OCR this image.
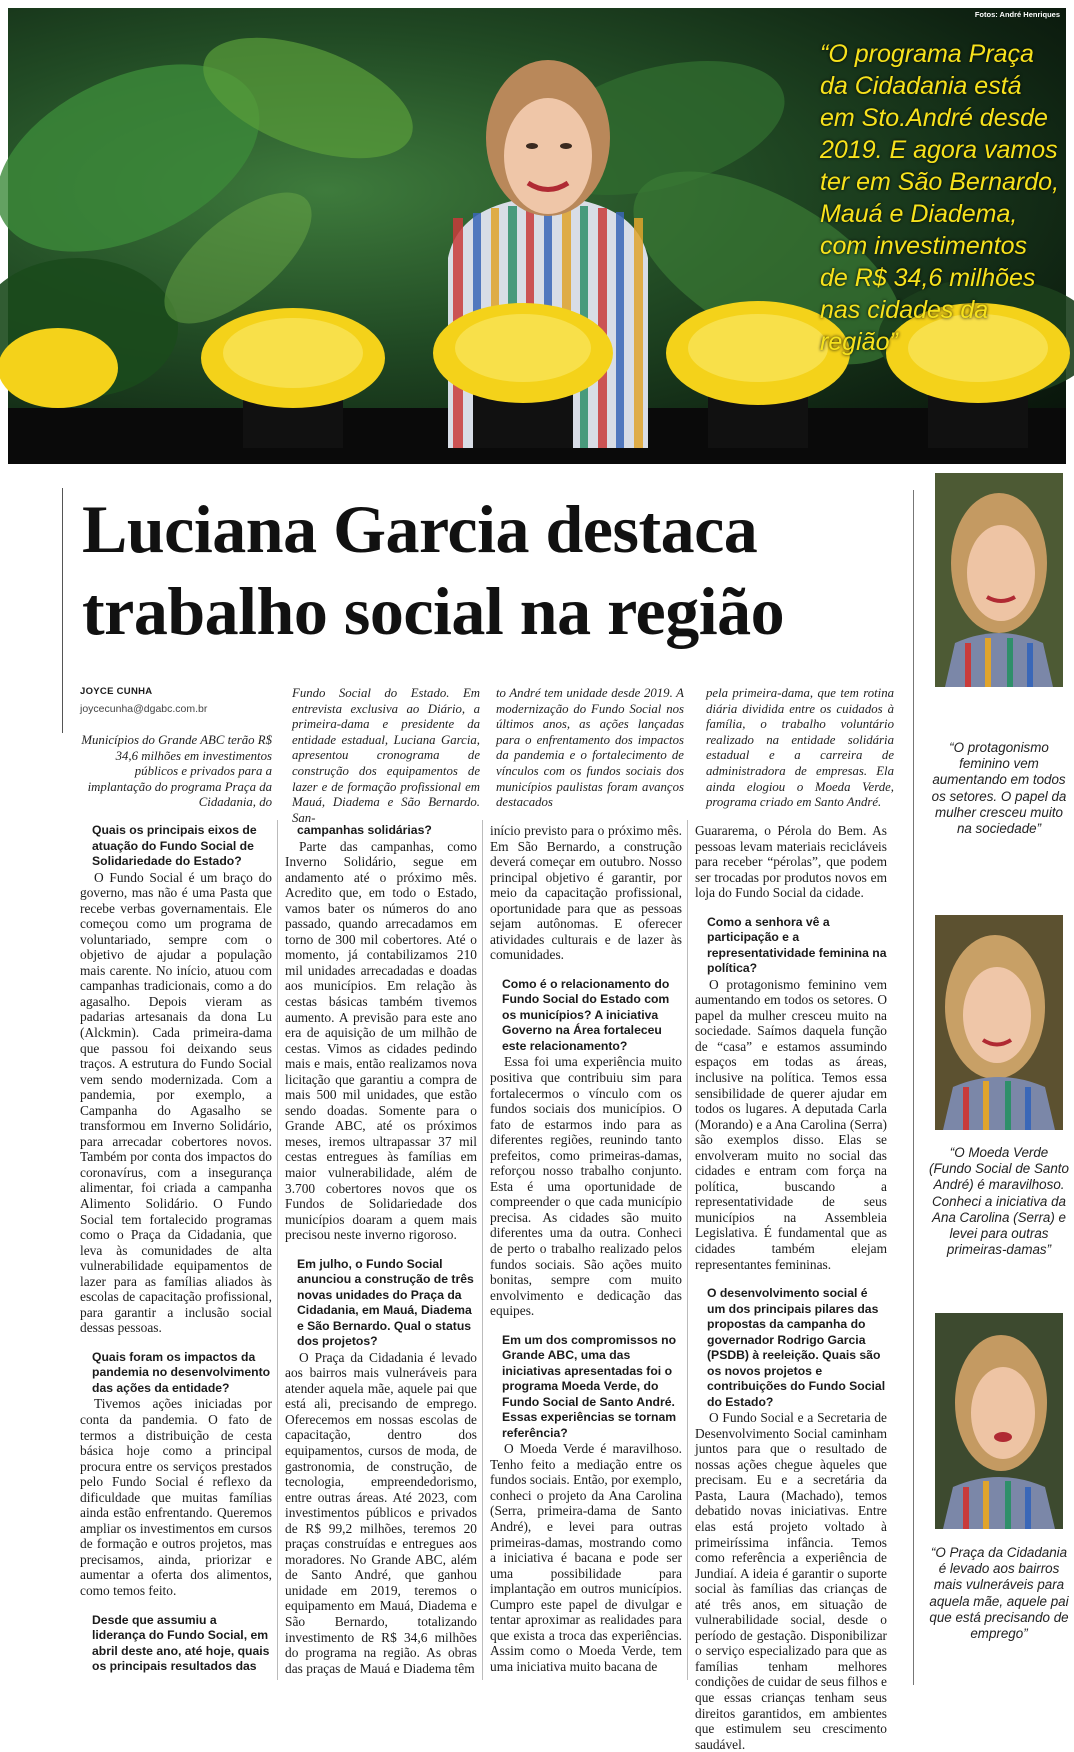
Fotos: André Henriques
“O programa Praça da Cidadania está em Sto.André desde 2019. E agora vamos ter em São Bernardo, Mauá e Diadema, com investimentos de R$ 34,6 milhões nas cidades da região”
Luciana Garcia destaca trabalho social na região
JOYCE CUNHA
joycecunha@dgabc.com.br

Municípios do Grande ABC terão R$ 34,6 milhões em investimentos públicos e privados para a implantação do programa Praça da Cidadania, do

Fundo Social do Estado. Em entrevista exclusiva ao Diário, a primeira-dama e presidente da entidade estadual, Luciana Garcia, apresentou cronograma de construção dos equipamentos de lazer e de formação profissional em Mauá, Diadema e São Bernardo. San-

to André tem unidade desde 2019. A modernização do Fundo Social nos últimos anos, as ações lançadas para o enfrentamento dos impactos da pandemia e o fortalecimento de vínculos com os fundos sociais dos municípios paulistas foram avanços destacados

pela primeira-dama, que tem rotina diária dividida entre os cuidados à família, o trabalho voluntário realizado na entidade solidária estadual e a carreira de administradora de empresas. Ela ainda elogiou o Moeda Verde, programa criado em Santo André.

Quais os principais eixos de atuação do Fundo Social de Solidariedade do Estado?

O Fundo Social é um braço do governo, mas não é uma Pasta que recebe verbas governamentais. Ele começou como um programa de voluntariado, sempre com o objetivo de ajudar a população mais carente. No início, atuou com campanhas tradicionais, como a do agasalho. Depois vieram as padarias artesanais da dona Lu (Alckmin). Cada primeira-dama que passou foi deixando seus traços. A estrutura do Fundo Social vem sendo modernizada. Com a pandemia, por exemplo, a Campanha do Agasalho se transformou em Inverno Solidário, para arrecadar cobertores novos. Também por conta dos impactos do coronavírus, com a insegurança alimentar, foi criada a campanha Alimento Solidário. O Fundo Social tem fortalecido programas como o Praça da Cidadania, que leva às comunidades de alta vulnerabilidade equipamentos de lazer para as famílias aliados às escolas de capacitação profissional, para garantir a inclusão social dessas pessoas.

Quais foram os impactos da pandemia no desenvolvimento das ações da entidade?

Tivemos ações iniciadas por conta da pandemia. O fato de termos a distribuição de cesta básica hoje como a principal procura entre os serviços prestados pelo Fundo Social é reflexo da dificuldade que muitas famílias ainda estão enfrentando. Queremos ampliar os investimentos em cursos de formação e outros projetos, mas precisamos, ainda, priorizar e aumentar a oferta dos alimentos, como temos feito.

Desde que assumiu a liderança do Fundo Social, em abril deste ano, até hoje, quais os principais resultados das

campanhas solidárias?

Parte das campanhas, como Inverno Solidário, segue em andamento até o próximo mês. Acredito que, em todo o Estado, vamos bater os números do ano passado, quando arrecadamos em torno de 300 mil cobertores. Até o momento, já contabilizamos 210 mil unidades arrecadadas e doadas aos municípios. Em relação às cestas básicas também tivemos aumento. A previsão para este ano era de aquisição de um milhão de cestas. Vimos as cidades pedindo mais e mais, então realizamos nova licitação que garantiu a compra de mais 500 mil unidades, que estão sendo doadas. Somente para o Grande ABC, até os próximos meses, iremos ultrapassar 37 mil cestas entregues às famílias em maior vulnerabilidade, além de 3.700 cobertores novos que os Fundos de Solidariedade dos municípios doaram a quem mais precisou neste inverno rigoroso.

Em julho, o Fundo Social anunciou a construção de três novas unidades do Praça da Cidadania, em Mauá, Diadema e São Bernardo. Qual o status dos projetos?

O Praça da Cidadania é levado aos bairros mais vulneráveis para atender aquela mãe, aquele pai que está ali, precisando de emprego. Oferecemos em nossas escolas de capacitação, dentro dos equipamentos, cursos de moda, de gastronomia, de construção, de tecnologia, empreendedorismo, entre outras áreas. Até 2023, com investimentos públicos e privados de R$ 99,2 milhões, teremos 20 praças construídas e entregues aos moradores. No Grande ABC, além de Santo André, que ganhou unidade em 2019, teremos o equipamento em Mauá, Diadema e São Bernardo, totalizando investimento de R$ 34,6 milhões do programa na região. As obras das praças de Mauá e Diadema têm

início previsto para o próximo mês. Em São Bernardo, a construção deverá começar em outubro. Nosso principal objetivo é garantir, por meio da capacitação profissional, oportunidade para que as pessoas sejam autônomas. E oferecer atividades culturais e de lazer às comunidades.

Como é o relacionamento do Fundo Social do Estado com os municípios? A iniciativa Governo na Área fortaleceu este relacionamento?

Essa foi uma experiência muito positiva que contribuiu sim para fortalecermos o vínculo com os fundos sociais dos municípios. O fato de estarmos indo para as diferentes regiões, reunindo tanto prefeitos, como primeiras-damas, reforçou nosso trabalho conjunto. Esta é uma oportunidade de compreender o que cada município precisa. As cidades são muito diferentes uma da outra. Conheci de perto o trabalho realizado pelos fundos sociais. São ações muito bonitas, sempre com muito envolvimento e dedicação das equipes.

Em um dos compromissos no Grande ABC, uma das iniciativas apresentadas foi o programa Moeda Verde, do Fundo Social de Santo André. Essas experiências se tornam referência?

O Moeda Verde é maravilhoso. Tenho feito a mediação entre os fundos sociais. Então, por exemplo, conheci o projeto da Ana Carolina (Serra, primeira-dama de Santo André), e levei para outras primeiras-damas, mostrando como a iniciativa é bacana e pode ser uma possibilidade para implantação em outros municípios. Cumpro este papel de divulgar e tentar aproximar as realidades para que exista a troca das experiências. Assim como o Moeda Verde, tem uma iniciativa muito bacana de

Guararema, o Pérola do Bem. As pessoas levam materiais recicláveis para receber “pérolas”, que podem ser trocadas por produtos novos em loja do Fundo Social da cidade.

Como a senhora vê a participação e a representatividade feminina na política?

O protagonismo feminino vem aumentando em todos os setores. O papel da mulher cresceu muito na sociedade. Saímos daquela função de “casa” e estamos assumindo espaços em todas as áreas, inclusive na política. Temos essa sensibilidade de querer ajudar em todos os lugares. A deputada Carla (Morando) e a Ana Carolina (Serra) são exemplos disso. Elas se envolveram muito no social das cidades e entram com força na política, buscando a representatividade de seus municípios na Assembleia Legislativa. É fundamental que as cidades também elejam representantes femininas.

O desenvolvimento social é um dos principais pilares das propostas da campanha do governador Rodrigo Garcia (PSDB) à reeleição. Quais são os novos projetos e contribuições do Fundo Social do Estado?

O Fundo Social e a Secretaria de Desenvolvimento Social caminham juntos para que o resultado de nossas ações chegue àqueles que precisam. Eu e a secretária da Pasta, Laura (Machado), temos debatido novas iniciativas. Entre elas está projeto voltado à primeiríssima infância. Temos como referência a experiência de Jundiaí. A ideia é garantir o suporte social às famílias das crianças de até três anos, em situação de vulnerabilidade social, desde o período de gestação. Disponibilizar o serviço especializado para que as famílias tenham melhores condições de cuidar de seus filhos e que essas crianças tenham seus direitos garantidos, em ambientes que estimulem seu crescimento saudável.

“O protagonismo feminino vem aumentando em todos os setores. O papel da mulher cresceu muito na sociedade”
“O Moeda Verde (Fundo Social de Santo André) é maravilhoso. Conheci a iniciativa da Ana Carolina (Serra) e levei para outras primeiras-damas”
“O Praça da Cidadania é levado aos bairros mais vulneráveis para aquela mãe, aquele pai que está precisando de emprego”
